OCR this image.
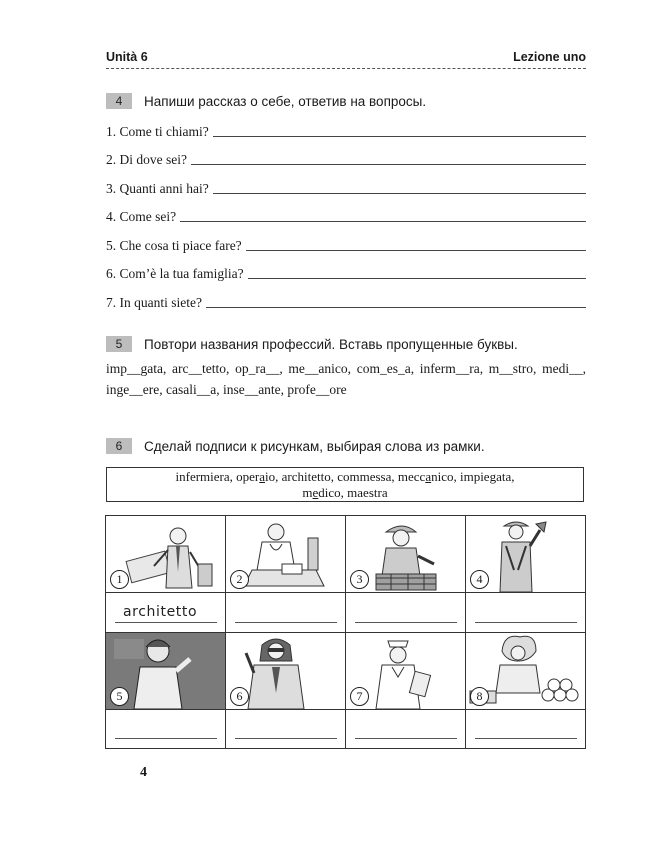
Unità 6	Lezione uno
4	Напиши рассказ о себе, ответив на вопросы.
1. Come ti chiami?
2. Di dove sei?
3. Quanti anni hai?
4. Come sei?
5. Che cosa ti piace fare?
6. Com’è la tua famiglia?
7. In quanti siete?
5	Повтори названия профессий. Вставь пропущенные буквы.
imp__gata, arc__tetto, op_ra__, me__anico, com_es_a, inferm__ra, m__stro, medi__, inge__ere, casali__a, inse__ante, profe__ore
6	Сделай подписи к рисункам, выбирая слова из рамки.
infermiera, operaio, architetto, commessa, meccanico, impiegata,
medico, maestra
1	2	3	4
5	6	7	8
architetto
4
